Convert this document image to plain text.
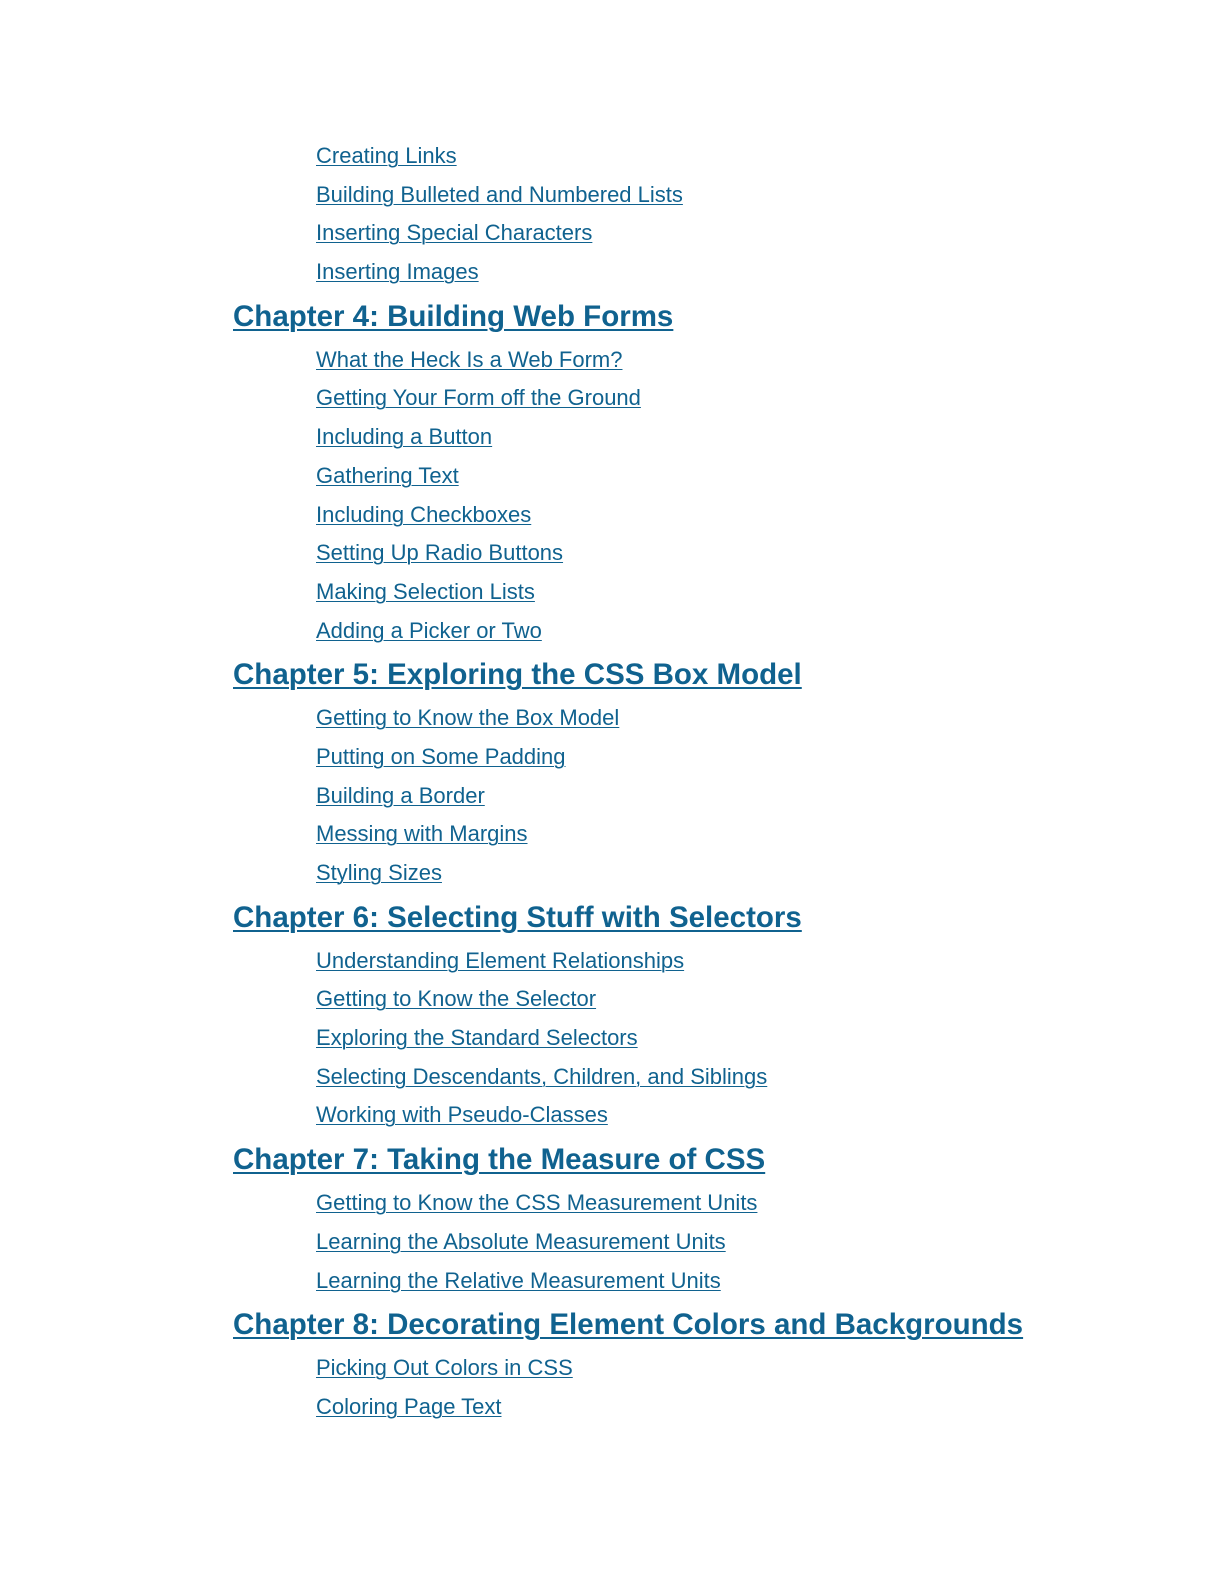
Creating Links
Building Bulleted and Numbered Lists
Inserting Special Characters
Inserting Images
Chapter 4: Building Web Forms
What the Heck Is a Web Form?
Getting Your Form off the Ground
Including a Button
Gathering Text
Including Checkboxes
Setting Up Radio Buttons
Making Selection Lists
Adding a Picker or Two
Chapter 5: Exploring the CSS Box Model
Getting to Know the Box Model
Putting on Some Padding
Building a Border
Messing with Margins
Styling Sizes
Chapter 6: Selecting Stuff with Selectors
Understanding Element Relationships
Getting to Know the Selector
Exploring the Standard Selectors
Selecting Descendants, Children, and Siblings
Working with Pseudo-Classes
Chapter 7: Taking the Measure of CSS
Getting to Know the CSS Measurement Units
Learning the Absolute Measurement Units
Learning the Relative Measurement Units
Chapter 8: Decorating Element Colors and Backgrounds
Picking Out Colors in CSS
Coloring Page Text
